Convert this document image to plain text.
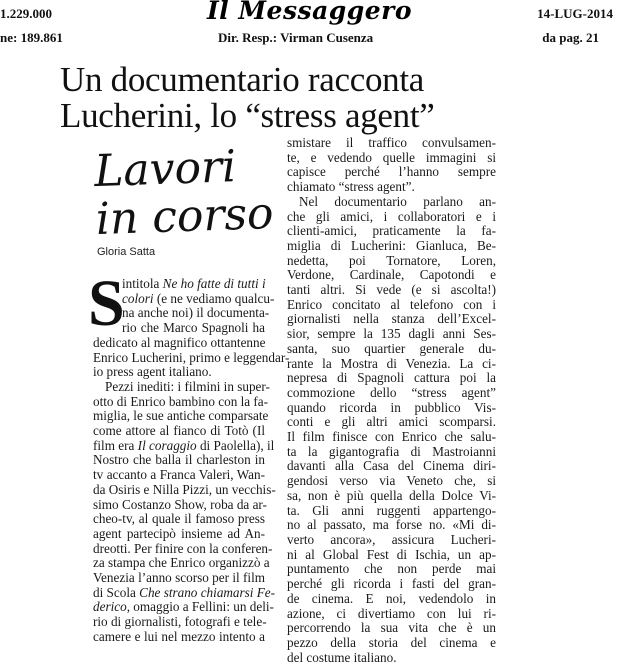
1.229.000	Il Messaggero	14-LUG-2014
ne: 189.861	Dir. Resp.: Virman Cusenza	da pag. 21
Un documentario racconta
Lucherini, lo “stress agent”
Lavori
in corso
Gloria Satta
S
intitola Ne ho fatte di tutti i
colori (e ne vediamo qualcu-
na anche noi) il documenta-
rio che Marco Spagnoli ha
dedicato al magnifico ottantenne
Enrico Lucherini, primo e leggendar-
io press agent italiano.
Pezzi inediti: i filmini in super-
otto di Enrico bambino con la fa-
miglia, le sue antiche comparsate
come attore al fianco di Totò (Il
film era Il coraggio di Paolella), il
Nostro che balla il charleston in
tv accanto a Franca Valeri, Wan-
da Osiris e Nilla Pizzi, un vecchis-
simo Costanzo Show, roba da ar-
cheo-tv, al quale il famoso press
agent partecipò insieme ad An-
dreotti. Per finire con la conferen-
za stampa che Enrico organizzò a
Venezia l’anno scorso per il film
di Scola Che strano chiamarsi Fe-
derico, omaggio a Fellini: un deli-
rio di giornalisti, fotografi e tele-
camere e lui nel mezzo intento a
smistare il traffico convulsamen-
te, e vedendo quelle immagini si
capisce perché l’hanno sempre
chiamato “stress agent”.
Nel documentario parlano an-
che gli amici, i collaboratori e i
clienti-amici, praticamente la fa-
miglia di Lucherini: Gianluca, Be-
nedetta, poi Tornatore, Loren,
Verdone, Cardinale, Capotondi e
tanti altri. Si vede (e si ascolta!)
Enrico concitato al telefono con i
giornalisti nella stanza dell’Excel-
sior, sempre la 135 dagli anni Ses-
santa, suo quartier generale du-
rante la Mostra di Venezia. La ci-
nepresa di Spagnoli cattura poi la
commozione dello “stress agent”
quando ricorda in pubblico Vis-
conti e gli altri amici scomparsi.
Il film finisce con Enrico che salu-
ta la gigantografia di Mastroianni
davanti alla Casa del Cinema diri-
gendosi verso via Veneto che, si
sa, non è più quella della Dolce Vi-
ta. Gli anni ruggenti appartengo-
no al passato, ma forse no. «Mi di-
verto ancora», assicura Lucheri-
ni al Global Fest di Ischia, un ap-
puntamento che non perde mai
perché gli ricorda i fasti del gran-
de cinema. E noi, vedendolo in
azione, ci divertiamo con lui ri-
percorrendo la sua vita che è un
pezzo della storia del cinema e
del costume italiano.
